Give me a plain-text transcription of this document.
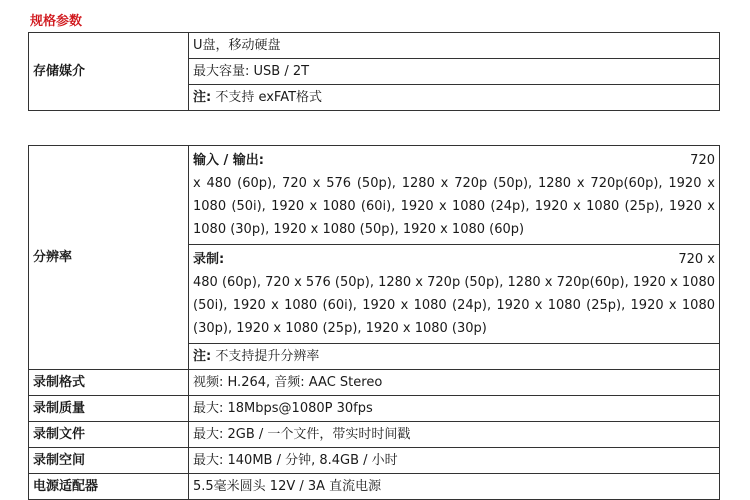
规格参数
存储媒介	U盘，移动硬盘
最大容量: USB / 2T
注: 不支持 exFAT格式
分辨率	输入 / 输出: 720
x 480 (60p), 720 x 576 (50p), 1280 x 720p (50p), 1280 x 720p(60p), 1920 x 1080 (50i), 1920 x 1080 (60i), 1920 x 1080 (24p), 1920 x 1080 (25p), 1920 x 1080 (30p), 1920 x 1080 (50p), 1920 x 1080 (60p)

	录制: 720 x
480 (60p), 720 x 576 (50p), 1280 x 720p (50p), 1280 x 720p(60p), 1920 x 1080 (50i), 1920 x 1080 (60i), 1920 x 1080 (24p), 1920 x 1080 (25p), 1920 x 1080 (30p), 1920 x 1080 (25p), 1920 x 1080 (30p)

	注: 不支持提升分辨率
录制格式	视频: H.264, 音频: AAC Stereo
录制质量	最大: 18Mbps@1080P 30fps
录制文件	最大: 2GB / 一个文件，带实时时间戳
录制空间	最大: 140MB / 分钟, 8.4GB / 小时
电源适配器	5.5毫米圆头 12V / 3A 直流电源
